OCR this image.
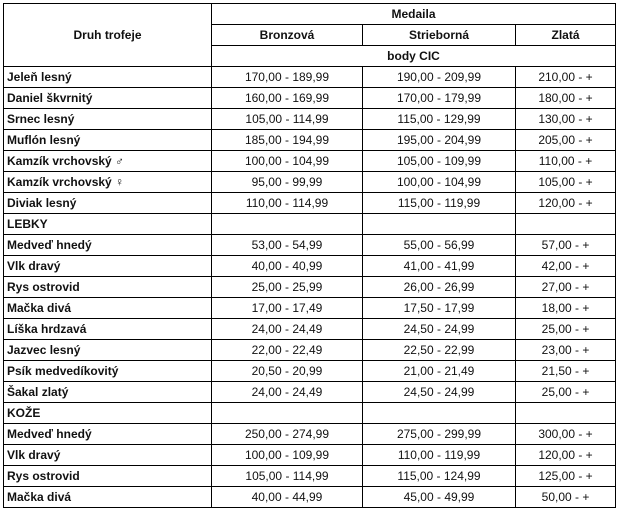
Druh trofeje	Medaila		
	Bronzová	Strieborná	Zlatá
	body CIC		
Jeleň lesný	170,00 - 189,99	190,00 - 209,99	210,00 - +
Daniel škvrnitý	160,00 - 169,99	170,00 - 179,99	180,00 - +
Srnec lesný	105,00 - 114,99	115,00 - 129,99	130,00 - +
Muflón lesný	185,00 - 194,99	195,00 - 204,99	205,00 - +
Kamzík vrchovský ♂	100,00 - 104,99	105,00 - 109,99	110,00 - +
Kamzík vrchovský ♀	95,00 - 99,99	100,00 - 104,99	105,00 - +
Diviak lesný	110,00 - 114,99	115,00 - 119,99	120,00 - +
LEBKY			
Medveď hnedý	53,00 - 54,99	55,00 - 56,99	57,00 - +
Vlk dravý	40,00 - 40,99	41,00 - 41,99	42,00 - +
Rys ostrovid	25,00 - 25,99	26,00 - 26,99	27,00 - +
Mačka divá	17,00 - 17,49	17,50 - 17,99	18,00 - +
Líška hrdzavá	24,00 - 24,49	24,50 - 24,99	25,00 - +
Jazvec lesný	22,00 - 22,49	22,50 - 22,99	23,00 - +
Psík medvedíkovitý	20,50 - 20,99	21,00 - 21,49	21,50 - +
Šakal zlatý	24,00 - 24,49	24,50 - 24,99	25,00 - +
KOŽE			
Medveď hnedý	250,00 - 274,99	275,00 - 299,99	300,00 - +
Vlk dravý	100,00 - 109,99	110,00 - 119,99	120,00 - +
Rys ostrovid	105,00 - 114,99	115,00 - 124,99	125,00 - +
Mačka divá	40,00 - 44,99	45,00 - 49,99	50,00 - +
